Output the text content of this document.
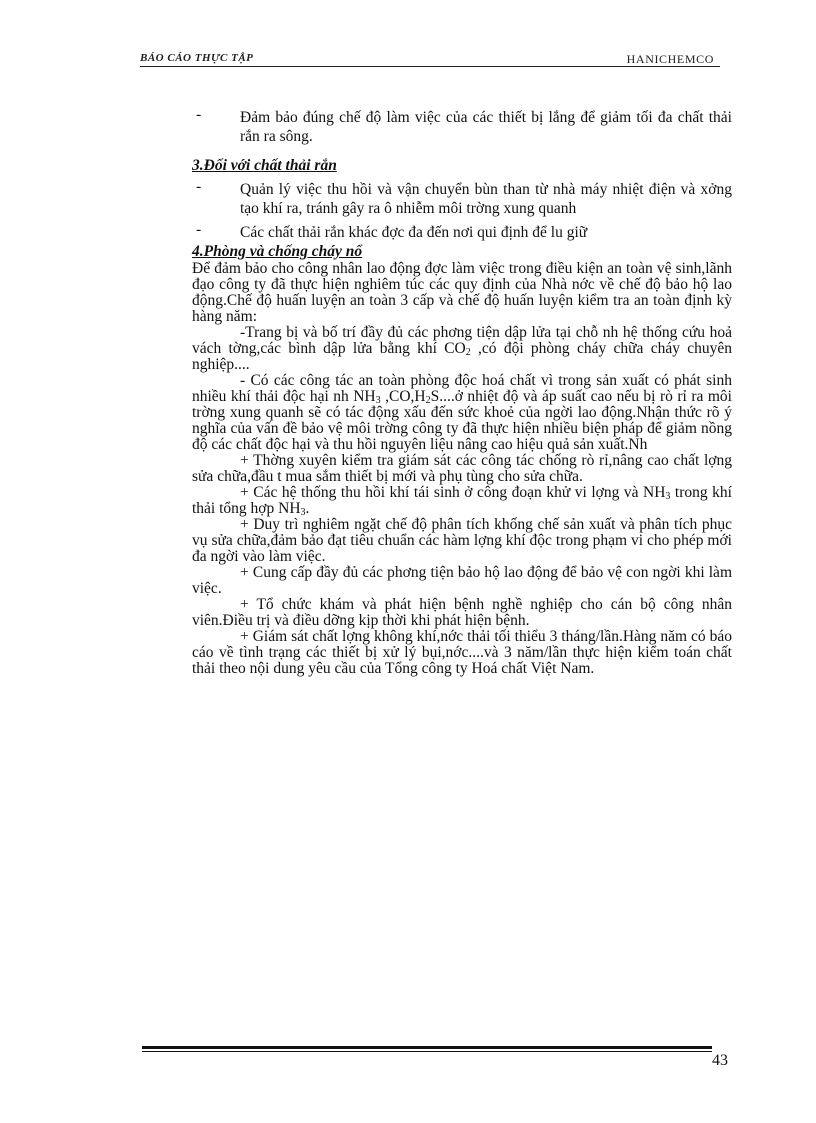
BÁO CÁO THỰC TẬP	HANICHEMCO

-	Đảm bảo đúng chế độ làm việc của các thiết bị lắng để giảm tối đa chất thải rắn ra sông.

3.Đối với chất thải rắn

-	Quản lý việc thu hồi và vận chuyển bùn than từ nhà máy nhiệt điện và xởng tạo khí ra, tránh gây ra ô nhiễm môi trờng xung quanh

-	Các chất thải rắn khác đợc đa đến nơi qui định để lu giữ

4.Phòng và chống cháy nổ

Để đảm bảo cho công nhân lao động đợc làm việc trong điều kiện an toàn vệ sinh,lãnh đạo công ty đã thực hiện nghiêm túc các quy định của Nhà nớc về chế độ bảo hộ lao động.Chế độ huấn luyện an toàn 3 cấp và chế độ huấn luyện kiểm tra an toàn định kỳ hàng năm:

-Trang bị và bố trí đầy đủ các phơng tiện dập lửa tại chỗ nh hệ thống cứu hoả vách tờng,các bình dập lửa bằng khí $CO_2$ ,có đội phòng cháy chữa cháy chuyên nghiệp....

- Có các công tác an toàn phòng độc hoá chất vì trong sản xuất có phát sinh nhiều khí thải độc hại nh $NH_3$ $,CO,H_2S....ở$ nhiệt độ và áp suất cao nếu bị rò rỉ ra môi trờng xung quanh sẽ có tác động xấu đến sức khoẻ của ngời lao động.Nhận thức rõ ý nghĩa của vấn đề bảo vệ môi trờng công ty đã thực hiện nhiều biện pháp để giảm nồng độ các chất độc hại và thu hồi nguyên liệu nâng cao hiệu quả sản xuất.Nh

+ Thờng xuyên kiểm tra giám sát các công tác chống rò rỉ,nâng cao chất lợng sửa chữa,đầu t mua sắm thiết bị mới và phụ tùng cho sửa chữa.

+ Các hệ thống thu hồi khí tái sinh ở công đoạn khử vi lợng và $NH_3$ trong khí thải tổng hợp $NH_3$.

+ Duy trì nghiêm ngặt chế độ phân tích khống chế sản xuất và phân tích phục vụ sửa chữa,đảm bảo đạt tiêu chuẩn các hàm lợng khí độc trong phạm vi cho phép mới đa ngời vào làm việc.

+ Cung cấp đầy đủ các phơng tiện bảo hộ lao động để bảo vệ con ngời khi làm việc.

+ Tổ chức khám và phát hiện bệnh nghề nghiệp cho cán bộ công nhân viên.Điều trị và điều dỡng kịp thời khi phát hiện bệnh.

+ Giám sát chất lợng không khí,nớc thải tối thiểu 3 tháng/lần.Hàng năm có báo cáo về tình trạng các thiết bị xử lý bụi,nớc....và 3 năm/lần thực hiện kiểm toán chất thải theo nội dung yêu cầu của Tổng công ty Hoá chất Việt Nam.

43
